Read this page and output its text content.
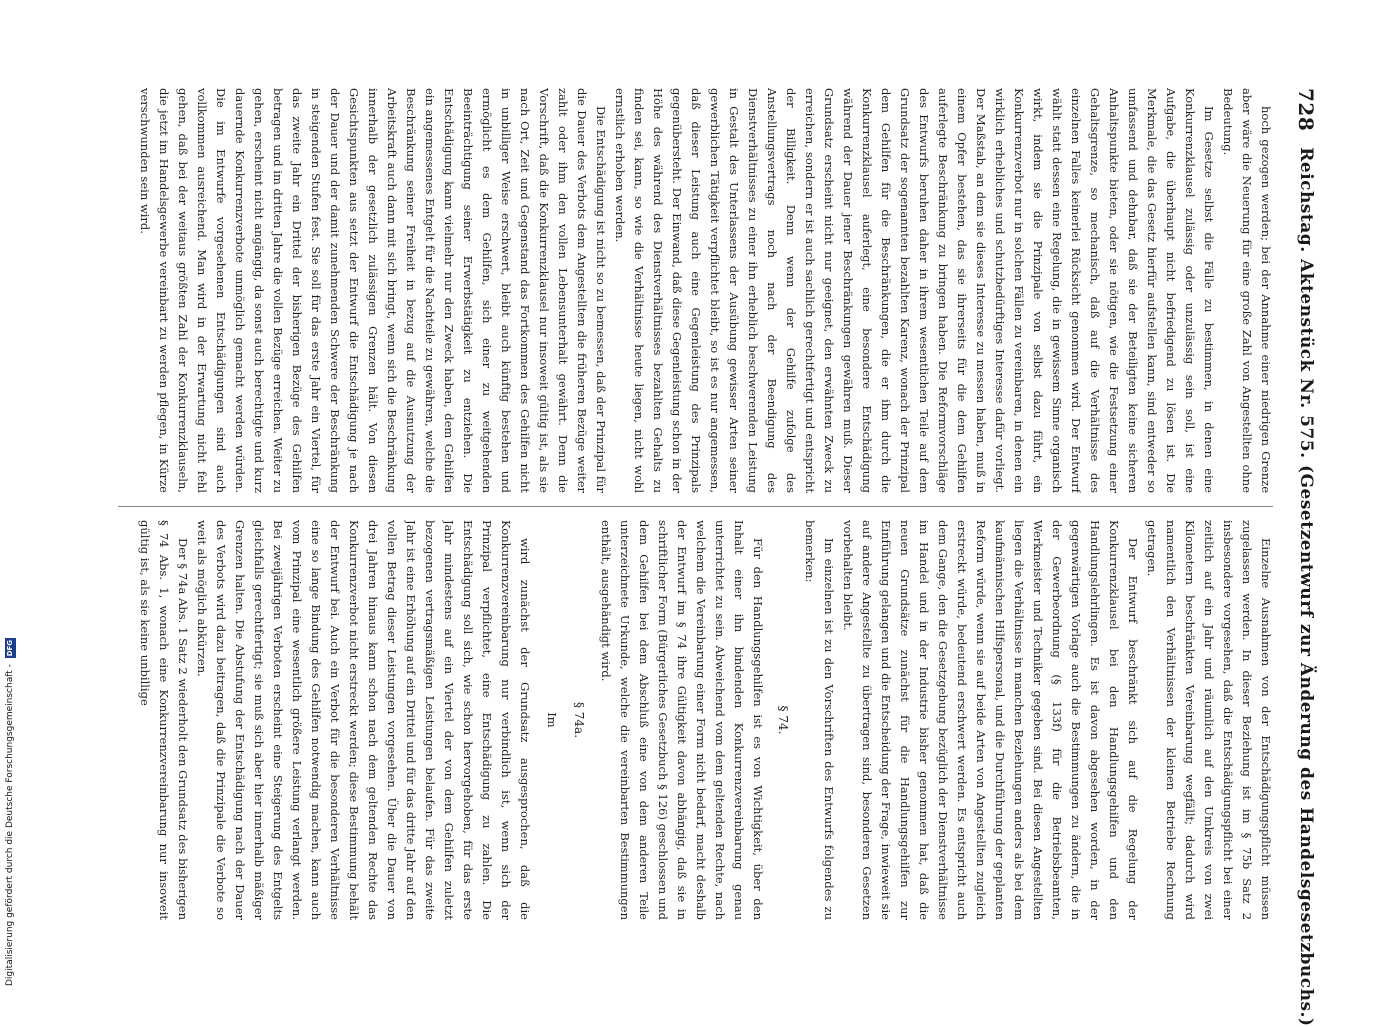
728
Reichstag. Aktenstück Nr. 575. (Gesetzentwurf zur Änderung des Handelsgesetzbuchs.)

hoch gezogen werden; bei der Annahme einer niedrigen Grenze aber wäre die Neuerung für eine große Zahl von Angestellten ohne Bedeutung.

Im Gesetze selbst die Fälle zu bestimmen, in denen eine Konkurrenzklausel zulässig oder unzulässig sein soll, ist eine Aufgabe, die überhaupt nicht befriedigend zu lösen ist. Die Merkmale, die das Gesetz hierfür aufstellen kann, sind entweder so umfassend und dehnbar, daß sie der Beteiligten keine sicheren Anhaltspunkte bieten, oder sie nötigen, wie die Festsetzung einer Gehaltsgrenze, so mechanisch, daß auf die Verhältnisse des einzelnen Falles keinerlei Rücksicht genommen wird. Der Entwurf wählt statt dessen eine Regelung, die in gewissem Sinne organisch wirkt, indem sie die Prinzipale von selbst dazu führt, ein Konkurrenzverbot nur in solchen Fällen zu vereinbaren, in denen ein wirklich erhebliches und schutzbedürftiges Interesse dafür vorliegt. Der Maßstab, an dem sie dieses Interesse zu messen haben, muß in einem Opfer bestehen, das sie ihrerseits für die dem Gehilfen auferlegte Beschränkung zu bringen haben. Die Reformvorschläge des Entwurfs beruhen daher in ihrem wesentlichen Teile auf dem Grundsatz der sogenannten bezahlten Karenz, wonach der Prinzipal dem Gehilfen für die Beschränkungen, die er ihm durch die Konkurrenzklausel auferlegt, eine besondere Entschädigung während der Dauer jener Beschränkungen gewähren muß. Dieser Grundsatz erscheint nicht nur geeignet, den erwähnten Zweck zu erreichen, sondern er ist auch sachlich gerechtfertigt und entspricht der Billigkeit. Denn wenn der Gehilfe zufolge des Anstellungsvertrags noch nach der Beendigung des Dienstverhältnisses zu einer ihn erheblich beschwerenden Leistung in Gestalt des Unterlassens der Ausübung gewisser Arten seiner gewerblichen Tätigkeit verpflichtet bleibt, so ist es nur angemessen, daß dieser Leistung auch eine Gegenleistung des Prinzipals gegenübersteht. Der Einwand, daß diese Gegenleistung schon in der Höhe des während des Dienstverhältnisses bezahlten Gehalts zu finden sei, kann, so wie die Verhältnisse heute liegen, nicht wohl ernstlich erhoben werden.

Die Entschädigung ist nicht so zu bemessen, daß der Prinzipal für die Dauer des Verbots dem Angestellten die früheren Bezüge weiter zahlt oder ihm den vollen Lebensunterhalt gewährt. Denn die Vorschrift, daß die Konkurrenzklausel nur insoweit gültig ist, als sie nach Ort, Zeit und Gegenstand das Fortkommen des Gehilfen nicht in unbilliger Weise erschwert, bleibt auch künftig bestehen und ermöglicht es dem Gehilfen, sich einer zu weitgehenden Beeinträchtigung seiner Erwerbstätigkeit zu entziehen. Die Entschädigung kann vielmehr nur den Zweck haben, dem Gehilfen ein angemessenes Entgelt für die Nachteile zu gewähren, welche die Beschränkung seiner Freiheit in bezug auf die Ausnutzung der Arbeitskraft auch dann mit sich bringt, wenn sich die Beschränkung innerhalb der gesetzlich zulässigen Grenzen hält. Von diesen Gesichtspunkten aus setzt der Entwurf die Entschädigung je nach der Dauer und der damit zunehmenden Schwere der Beschränkung in steigenden Stufen fest. Sie soll für das erste Jahr ein Viertel, für das zweite Jahr ein Drittel der bisherigen Bezüge des Gehilfen betragen und im dritten Jahre die vollen Bezüge erreichen. Weiter zu gehen, erscheint nicht angängig, da sonst auch berechtigte und kurz dauernde Konkurrenzverbote unmöglich gemacht werden würden. Die im Entwurfe vorgesehenen Entschädigungen sind auch vollkommen ausreichend. Man wird in der Erwartung nicht fehl gehen, daß bei der weitaus größten Zahl der Konkurrenzklauseln, die jetzt im Handelsgewerbe vereinbart zu werden pflegen, in Kürze verschwunden sein wird.

Einzelne Ausnahmen von der Entschädigungspflicht müssen zugelassen werden. In dieser Beziehung ist im § 75b Satz 2 insbesondere vorgesehen, daß die Entschädigungspflicht bei einer zeitlich auf ein Jahr und räumlich auf den Umkreis von zwei Kilometern beschränkten Vereinbarung wegfällt; dadurch wird namentlich den Verhältnissen der kleinen Betriebe Rechnung getragen.

Der Entwurf beschränkt sich auf die Regelung der Konkurrenzklausel bei den Handlungsgehilfen und den Handlungslehrlingen. Es ist davon abgesehen worden, in der gegenwärtigen Vorlage auch die Bestimmungen zu ändern, die in der Gewerbeordnung (§ 133f) für die Betriebsbeamten, Werkmeister und Techniker gegeben sind. Bei diesen Angestellten liegen die Verhältnisse in manchen Beziehungen anders als bei dem kaufmännischen Hilfspersonal, und die Durchführung der geplanten Reform würde, wenn sie auf beide Arten von Angestellten zugleich erstreckt würde, bedeutend erschwert werden. Es entspricht auch dem Gange, den die Gesetzgebung bezüglich der Dienstverhältnisse im Handel und in der Industrie bisher genommen hat, daß die neuen Grundsätze zunächst für die Handlungsgehilfen zur Einführung gelangen und die Entscheidung der Frage, inwieweit sie auf andere Angestellte zu übertragen sind, besonderen Gesetzen vorbehalten bleibt.

Im einzelnen ist zu den Vorschriften des Entwurfs folgendes zu bemerken:

§ 74.

Für den Handlungsgehilfen ist es von Wichtigkeit, über den Inhalt einer ihn bindenden Konkurrenzvereinbarung genau unterrichtet zu sein. Abweichend vom dem geltenden Rechte, nach welchem die Vereinbarung einer Form nicht bedarf, macht deshalb der Entwurf im § 74 ihre Gültigkeit davon abhängig, daß sie in schriftlicher Form (Bürgerliches Gesetzbuch § 126) geschlossen und dem Gehilfen bei dem Abschluß eine von dem anderen Teile unterzeichnete Urkunde, welche die vereinbarten Bestimmungen enthält, ausgehändigt wird.

§ 74a.
Im

wird zunächst der Grundsatz ausgesprochen, daß die Konkurrenzvereinbarung nur verbindlich ist, wenn sich der Prinzipal verpflichtet, eine Entschädigung zu zahlen. Die Entschädigung soll sich, wie schon hervorgehoben, für das erste Jahr mindestens auf ein Viertel der von dem Gehilfen zuletzt bezogenen vertragsmäßigen Leistungen belaufen. Für das zweite Jahr ist eine Erhöhung auf ein Drittel und für das dritte Jahr auf den vollen Betrag dieser Leistungen vorgesehen. Über die Dauer von drei Jahren hinaus kann schon nach dem geltenden Rechte das Konkurrenzverbot nicht erstreckt werden; diese Bestimmung behält der Entwurf bei. Auch ein Verbot für die besonderen Verhältnisse eine so lange Bindung des Gehilfen notwendig machen, kann auch vom Prinzipal eine wesentlich größere Leistung verlangt werden. Bei zweijährigen Verboten erscheint eine Steigerung des Entgelts gleichfalls gerechtfertigt; sie muß sich aber hier innerhalb mäßiger Grenzen halten. Die Abstufung der Entschädigung nach der Dauer des Verbots wird dazu beitragen, daß die Prinzipale die Verbote so weit als möglich abkürzen.

Der § 74a Abs. 1 Satz 2 wiederholt den Grundsatz des bisherigen § 74 Abs. 1, wonach eine Konkurrenzvereinbarung nur insoweit gültig ist, als sie keine unbillige

Digitalisierung gefördert durch die Deutsche Forschungsgemeinschaft -
DFG
